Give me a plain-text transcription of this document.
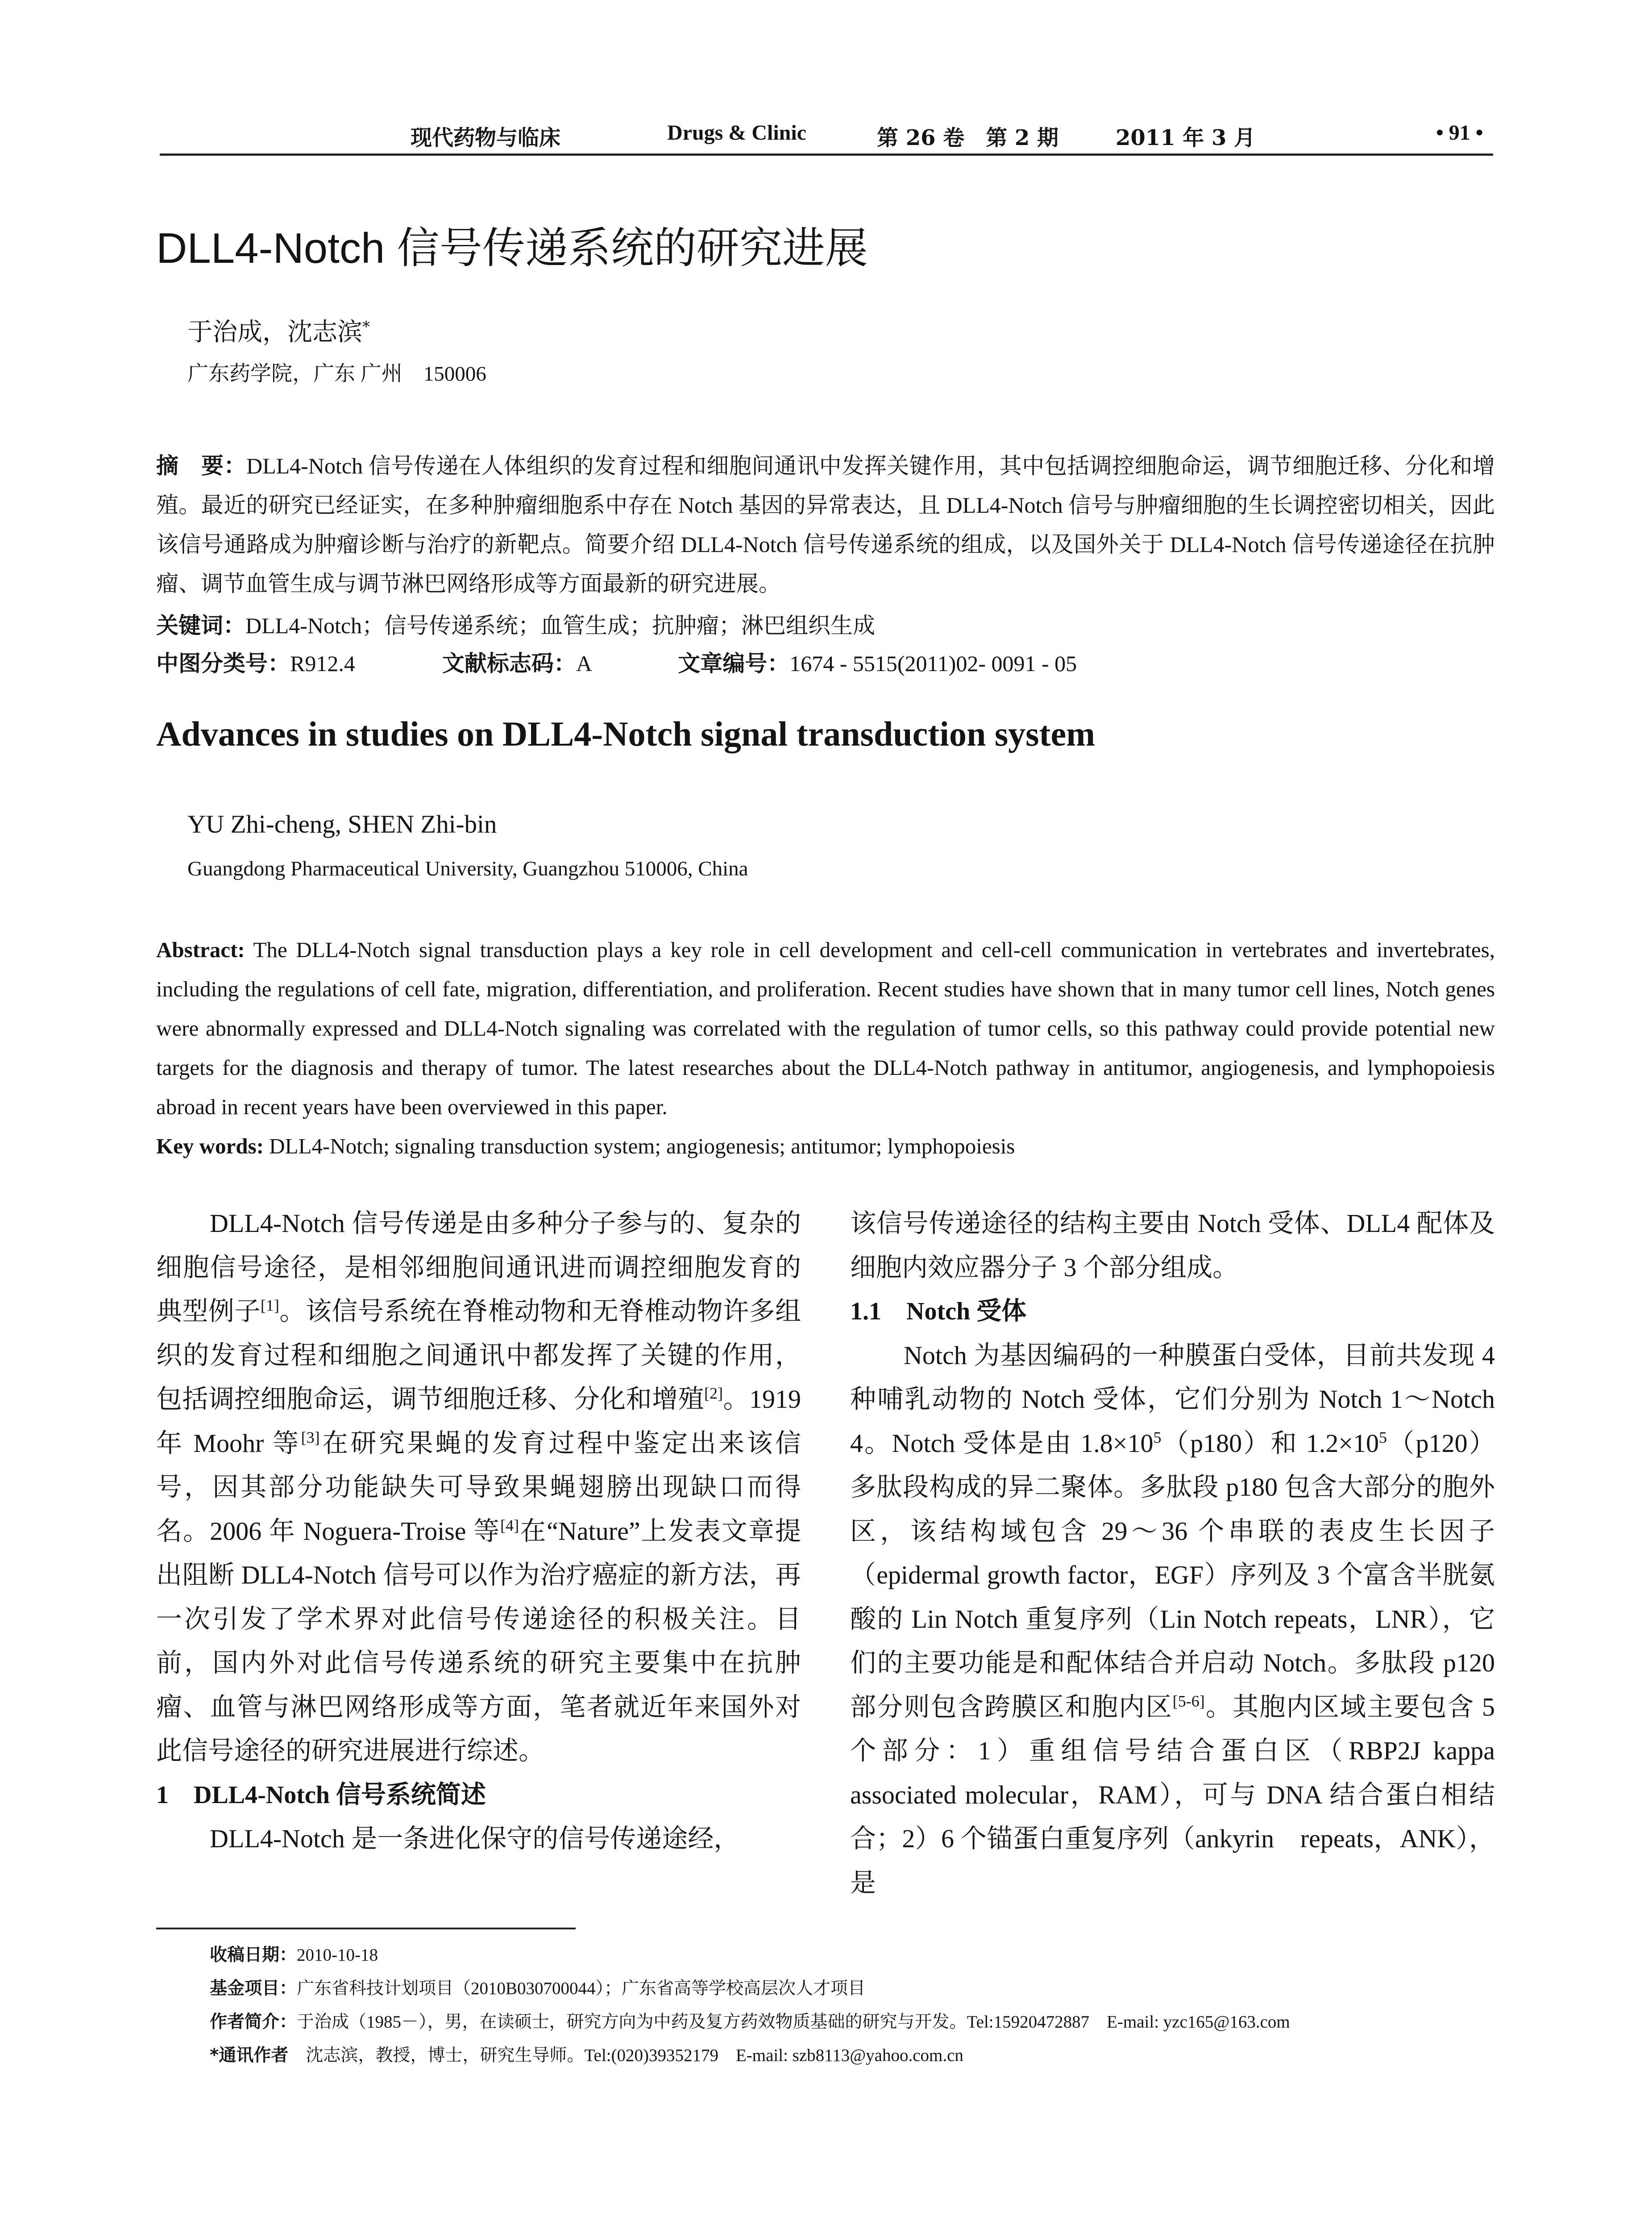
现代药物与临床	Drugs & Clinic	第 26 卷　第 2 期	2011 年 3 月	• 91 •
DLL4-Notch 信号传递系统的研究进展
于治成，沈志滨*
广东药学院，广东 广州　150006
摘　要：DLL4-Notch 信号传递在人体组织的发育过程和细胞间通讯中发挥关键作用，其中包括调控细胞命运，调节细胞迁移、分化和增殖。最近的研究已经证实，在多种肿瘤细胞系中存在 Notch 基因的异常表达，且 DLL4-Notch 信号与肿瘤细胞的生长调控密切相关，因此该信号通路成为肿瘤诊断与治疗的新靶点。简要介绍 DLL4-Notch 信号传递系统的组成，以及国外关于 DLL4-Notch 信号传递途径在抗肿瘤、调节血管生成与调节淋巴网络形成等方面最新的研究进展。
关键词：DLL4-Notch；信号传递系统；血管生成；抗肿瘤；淋巴组织生成
中图分类号：R912.4	文献标志码：A	文章编号：1674 - 5515(2011)02- 0091 - 05
Advances in studies on DLL4-Notch signal transduction system
YU Zhi-cheng, SHEN Zhi-bin
Guangdong Pharmaceutical University, Guangzhou 510006, China
Abstract: The DLL4-Notch signal transduction plays a key role in cell development and cell-cell communication in vertebrates and invertebrates, including the regulations of cell fate, migration, differentiation, and proliferation. Recent studies have shown that in many tumor cell lines, Notch genes were abnormally expressed and DLL4-Notch signaling was correlated with the regulation of tumor cells, so this pathway could provide potential new targets for the diagnosis and therapy of tumor. The latest researches about the DLL4-Notch pathway in antitumor, angiogenesis, and lymphopoiesis abroad in recent years have been overviewed in this paper.
Key words: DLL4-Notch; signaling transduction system; angiogenesis; antitumor; lymphopoiesis

DLL4-Notch 信号传递是由多种分子参与的、复杂的细胞信号途径，是相邻细胞间通讯进而调控细胞发育的典型例子[1]。该信号系统在脊椎动物和无脊椎动物许多组织的发育过程和细胞之间通讯中都发挥了关键的作用，包括调控细胞命运，调节细胞迁移、分化和增殖[2]。1919 年 Moohr 等[3]在研究果蝇的发育过程中鉴定出来该信号，因其部分功能缺失可导致果蝇翅膀出现缺口而得名。2006 年 Noguera-Troise 等[4]在“Nature”上发表文章提出阻断 DLL4-Notch 信号可以作为治疗癌症的新方法，再一次引发了学术界对此信号传递途径的积极关注。目前，国内外对此信号传递系统的研究主要集中在抗肿瘤、血管与淋巴网络形成等方面，笔者就近年来国外对此信号途径的研究进展进行综述。

1　DLL4-Notch 信号系统简述

DLL4-Notch 是一条进化保守的信号传递途经，

该信号传递途径的结构主要由 Notch 受体、DLL4 配体及细胞内效应器分子 3 个部分组成。

1.1　Notch 受体

Notch 为基因编码的一种膜蛋白受体，目前共发现 4 种哺乳动物的 Notch 受体，它们分别为 Notch 1～Notch 4。Notch 受体是由 $1.8\times 10^5(p180)$和 $1.2\times 10^5(p120)$多肽段构成的异二聚体。多肽段 p180 包含大部分的胞外区，该结构域包含 29～36 个串联的表皮生长因子（epidermal growth factor，EGF）序列及 3 个富含半胱氨酸的 Lin Notch 重复序列（Lin Notch repeats，LNR），它们的主要功能是和配体结合并启动 Notch。多肽段 p120 部分则包含跨膜区和胞内区[5-6]。其胞内区域主要包含 5 个部分：1）重组信号结合蛋白区（RBP2J kappa associated molecular，RAM），可与 DNA 结合蛋白相结合；2）6 个锚蛋白重复序列（ankyrin　repeats，ANK），是

收稿日期：2010-10-18
基金项目：广东省科技计划项目（2010B030700044）；广东省高等学校高层次人才项目
作者简介：于治成（1985－），男，在读硕士，研究方向为中药及复方药效物质基础的研究与开发。Tel:15920472887　E-mail: yzc165@163.com
*通讯作者　沈志滨，教授，博士，研究生导师。Tel:(020)39352179　E-mail: szb8113@yahoo.com.cn
